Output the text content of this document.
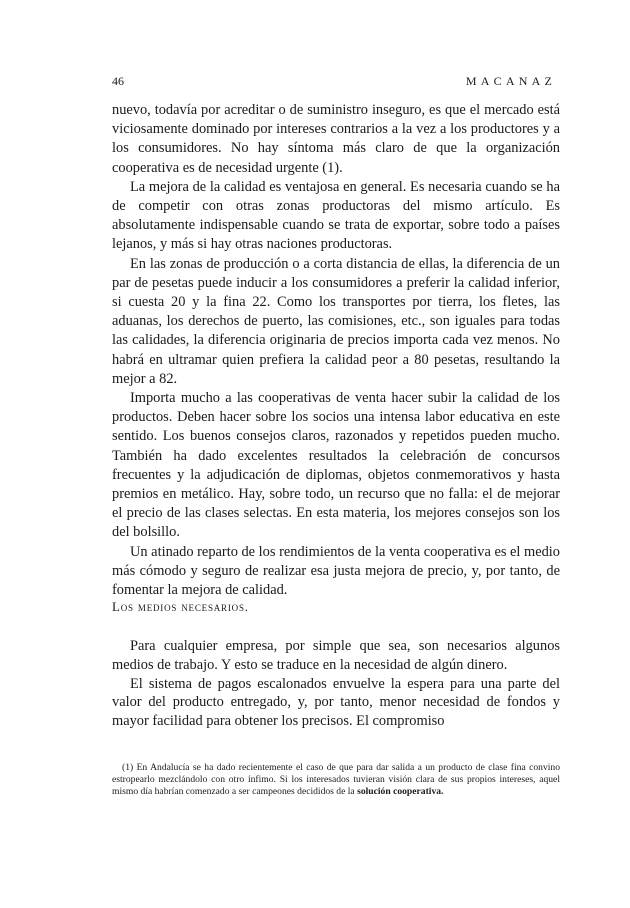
46	MACANAZ

nuevo, todavía por acreditar o de suministro inseguro, es que el mercado está viciosamente dominado por intereses contrarios a la vez a los productores y a los consumidores. No hay síntoma más claro de que la organización cooperativa es de necesidad urgente (1).

La mejora de la calidad es ventajosa en general. Es necesaria cuando se ha de competir con otras zonas productoras del mismo artículo. Es absolutamente indispensable cuando se trata de exportar, sobre todo a países lejanos, y más si hay otras naciones productoras.

En las zonas de producción o a corta distancia de ellas, la diferencia de un par de pesetas puede inducir a los consumidores a preferir la calidad inferior, si cuesta 20 y la fina 22. Como los transportes por tierra, los fletes, las aduanas, los derechos de puerto, las comisiones, etc., son iguales para todas las calidades, la diferencia originaria de precios importa cada vez menos. No habrá en ultramar quien prefiera la calidad peor a 80 pesetas, resultando la mejor a 82.

Importa mucho a las cooperativas de venta hacer subir la calidad de los productos. Deben hacer sobre los socios una intensa labor educativa en este sentido. Los buenos consejos claros, razonados y repetidos pueden mucho. También ha dado excelentes resultados la celebración de concursos frecuentes y la adjudicación de diplomas, objetos conmemorativos y hasta premios en metálico. Hay, sobre todo, un recurso que no falla: el de mejorar el precio de las clases selectas. En esta materia, los mejores consejos son los del bolsillo.

Un atinado reparto de los rendimientos de la venta cooperativa es el medio más cómodo y seguro de realizar esa justa mejora de precio, y, por tanto, de fomentar la mejora de calidad.

Los medios necesarios.

Para cualquier empresa, por simple que sea, son necesarios algunos medios de trabajo. Y esto se traduce en la necesidad de algún dinero.

El sistema de pagos escalonados envuelve la espera para una parte del valor del producto entregado, y, por tanto, menor necesidad de fondos y mayor facilidad para obtener los precisos. El compromiso

(1) En Andalucía se ha dado recientemente el caso de que para dar salida a un producto de clase fina convino estropearlo mezclándolo con otro ínfimo. Si los interesados tuvieran visión clara de sus propios intereses, aquel mismo día habrían comenzado a ser campeones decididos de la solución cooperativa.
